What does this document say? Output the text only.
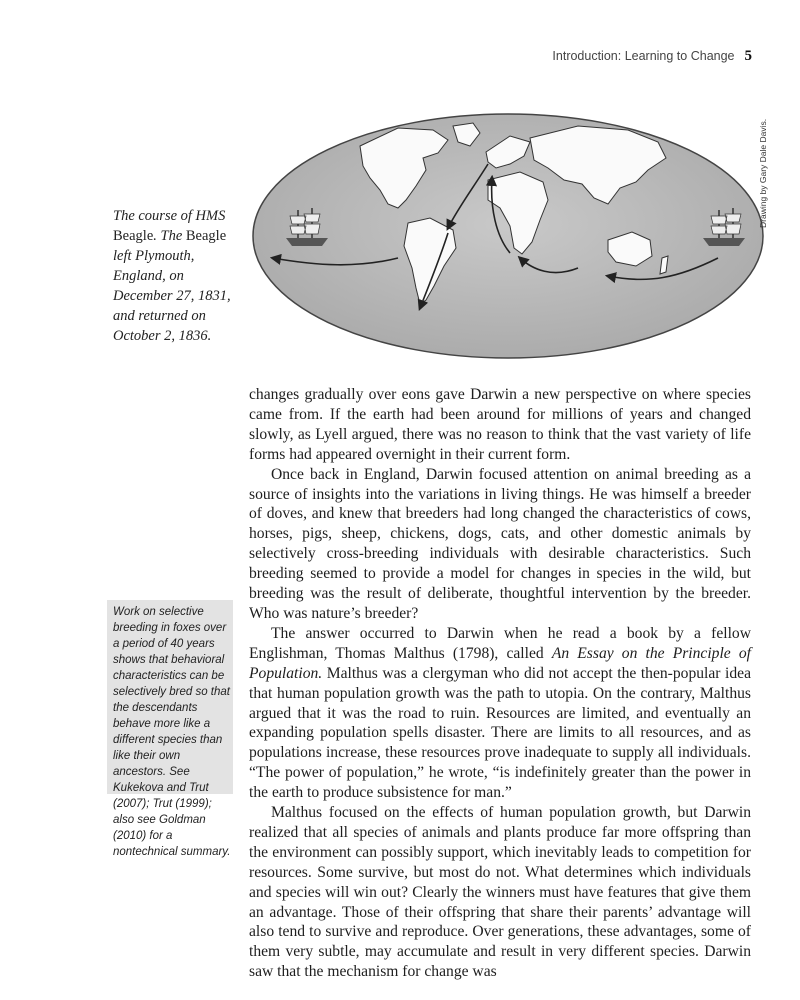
Introduction: Learning to Change 5
The course of HMS Beagle. The Beagle left Plymouth, England, on December 27, 1831, and returned on October 2, 1836.
Drawing by Gary Dale Davis.
Work on selective breeding in foxes over a period of 40 years shows that behavioral characteristics can be selectively bred so that the descendants behave more like a different species than like their own ancestors. See Kukekova and Trut (2007); Trut (1999); also see Goldman (2010) for a nontechnical summary.

changes gradually over eons gave Darwin a new perspective on where species came from. If the earth had been around for millions of years and changed slowly, as Lyell argued, there was no reason to think that the vast variety of life forms had appeared overnight in their current form.

Once back in England, Darwin focused attention on animal breeding as a source of insights into the variations in living things. He was himself a breeder of doves, and knew that breeders had long changed the characteristics of cows, horses, pigs, sheep, chickens, dogs, cats, and other domestic animals by selectively cross-breeding individuals with desirable characteristics. Such breeding seemed to provide a model for changes in species in the wild, but breeding was the result of deliberate, thoughtful intervention by the breeder. Who was nature’s breeder?

The answer occurred to Darwin when he read a book by a fellow Englishman, Thomas Malthus (1798), called An Essay on the Principle of Population. Malthus was a clergyman who did not accept the then-popular idea that human population growth was the path to utopia. On the contrary, Malthus argued that it was the road to ruin. Resources are limited, and eventually an expanding population spells disaster. There are limits to all resources, and as populations increase, these resources prove inadequate to supply all individuals. “The power of population,” he wrote, “is indefinitely greater than the power in the earth to produce subsistence for man.”

Malthus focused on the effects of human population growth, but Darwin realized that all species of animals and plants produce far more offspring than the environment can possibly support, which inevitably leads to competition for resources. Some survive, but most do not. What determines which individuals and species will win out? Clearly the winners must have features that give them an advantage. Those of their offspring that share their parents’ advantage will also tend to survive and reproduce. Over generations, these advantages, some of them very subtle, may accumulate and result in very different species. Darwin saw that the mechanism for change was
